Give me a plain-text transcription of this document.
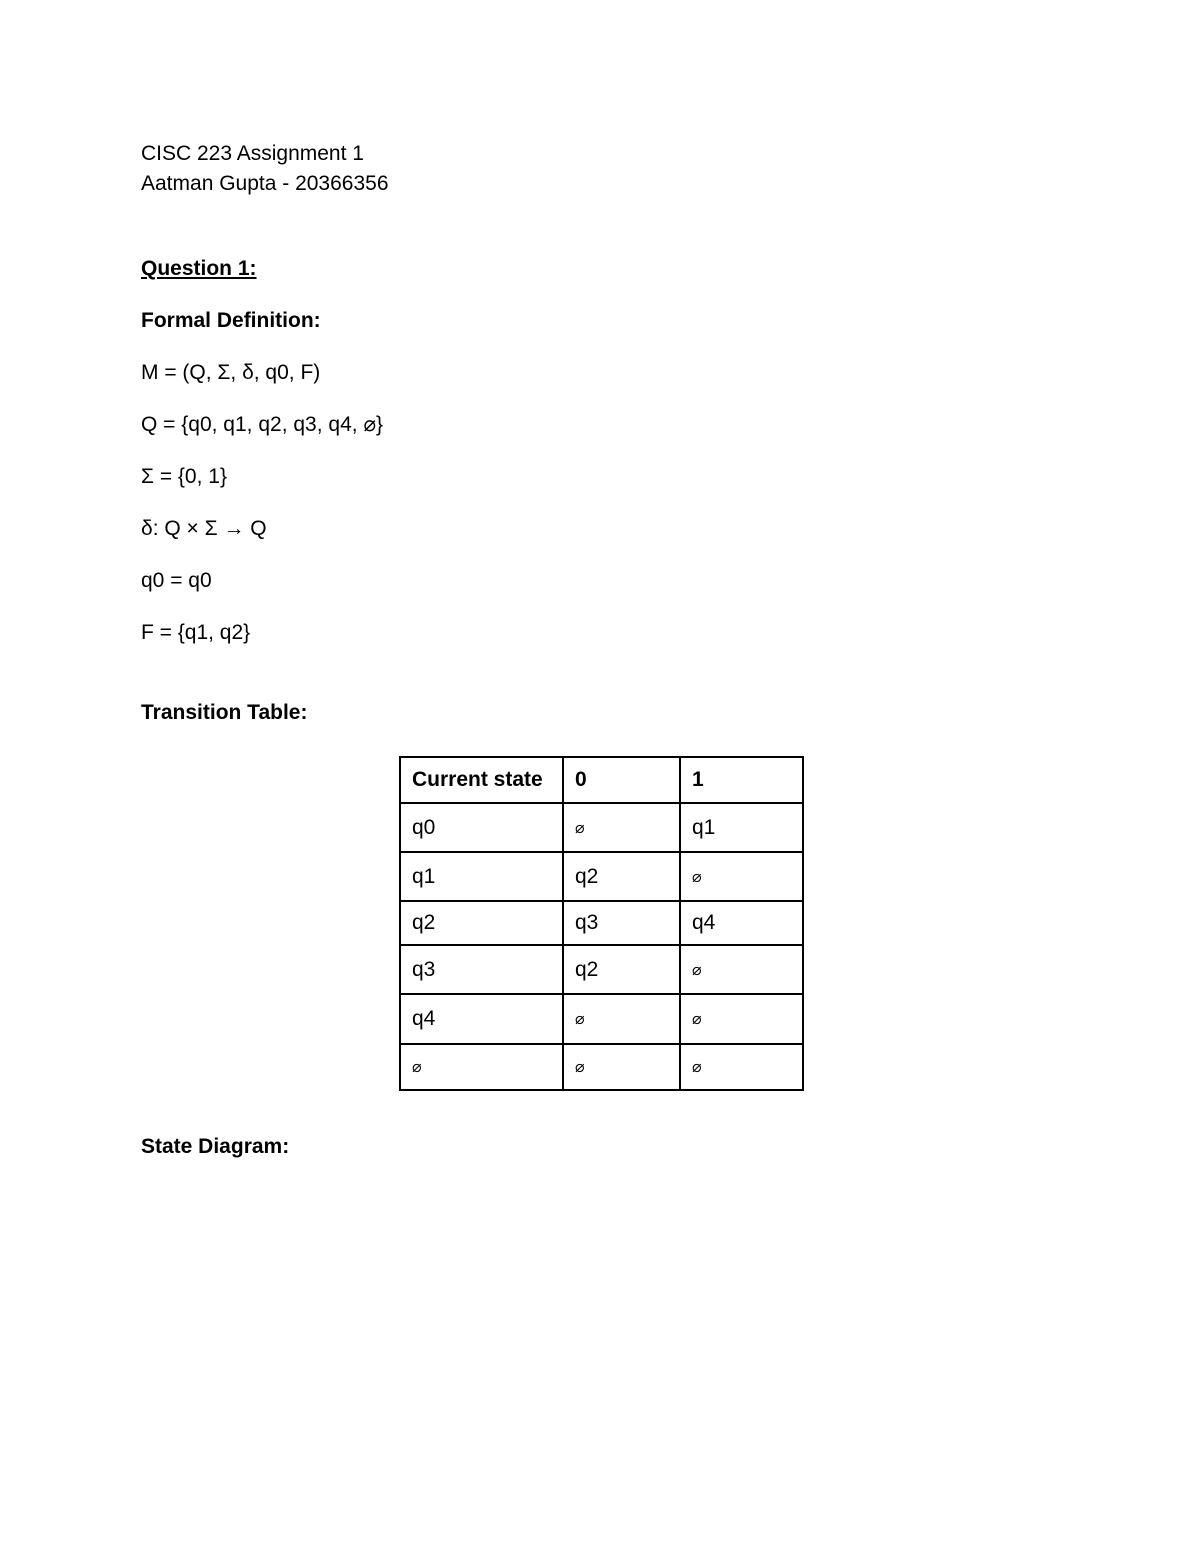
CISC 223 Assignment 1
Aatman Gupta - 20366356
Question 1:
Formal Definition:
M = (Q, Σ, δ, q0, F)
Q = {q0, q1, q2, q3, q4, ⌀}
Σ = {0, 1}
δ: Q × Σ → Q
q0 = q0
F = {q1, q2}
Transition Table:
Current state	0	1
q0	⌀	q1
q1	q2	⌀
q2	q3	q4
q3	q2	⌀
q4	⌀	⌀
⌀	⌀	⌀
State Diagram:
